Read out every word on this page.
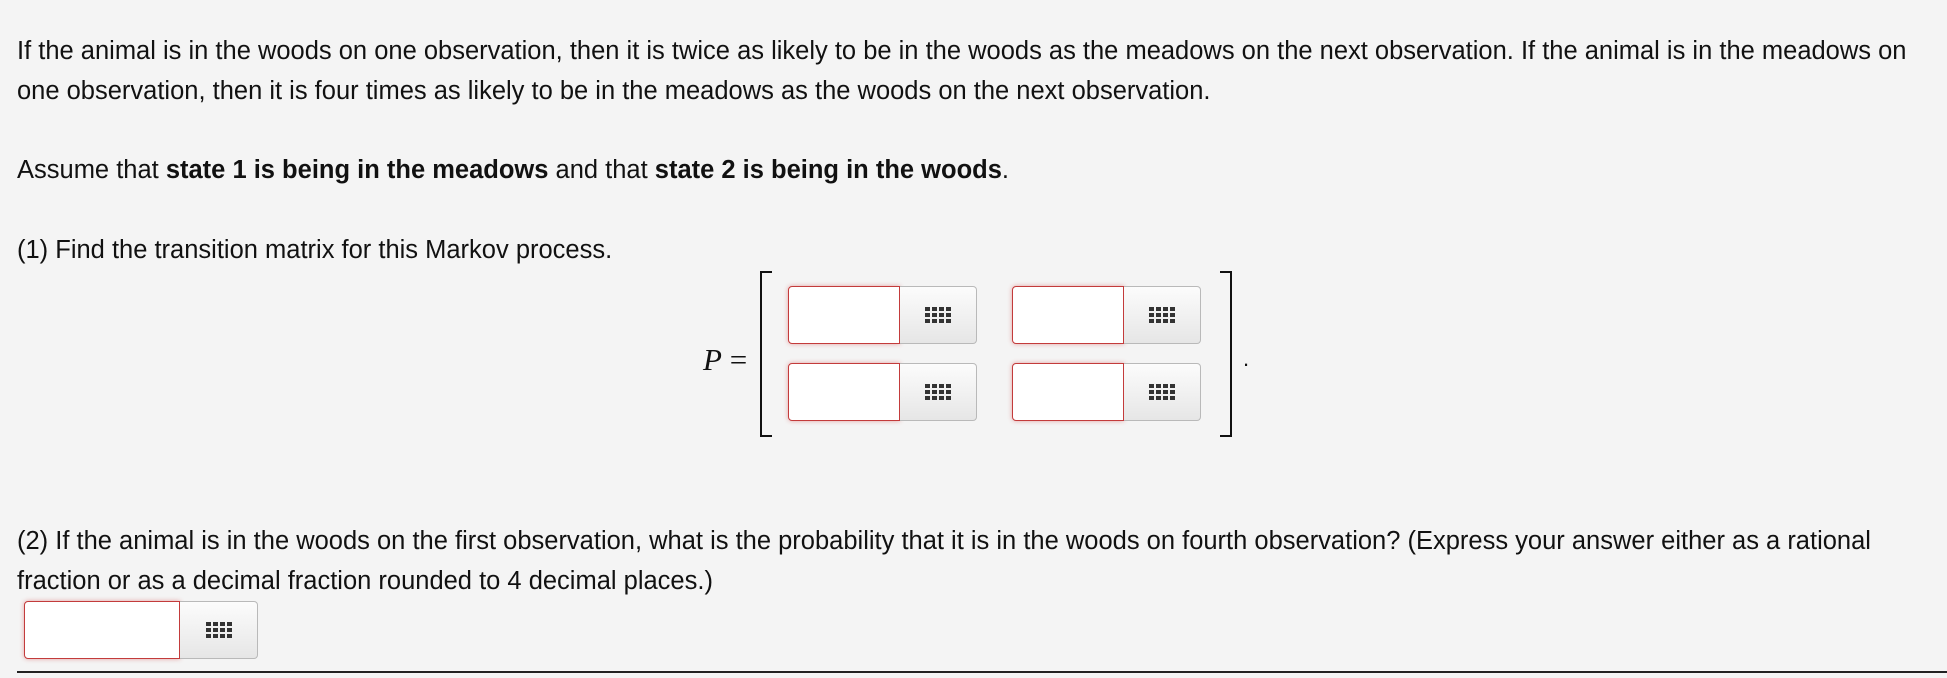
If the animal is in the woods on one observation, then it is twice as likely to be in the woods as the meadows on the next observation. If the animal is in the meadows on one observation, then it is four times as likely to be in the meadows as the woods on the next observation.

Assume that state 1 is being in the meadows and that state 2 is being in the woods.

(1) Find the transition matrix for this Markov process.

P =	.

(2) If the animal is in the woods on the first observation, what is the probability that it is in the woods on fourth observation? (Express your answer either as a rational fraction or as a decimal fraction rounded to 4 decimal places.)
